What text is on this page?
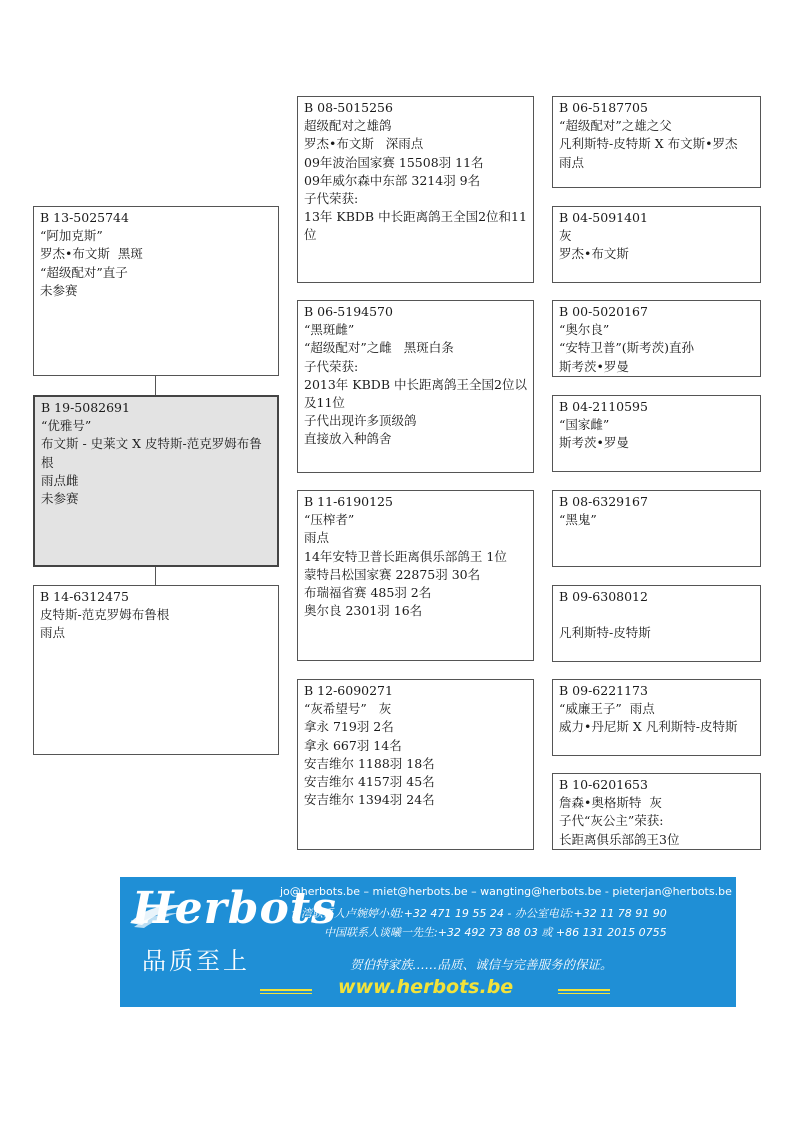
B 13-5025744
“阿加克斯”
罗杰•布文斯  黑斑
“超级配对”直子
未参赛
B 19-5082691
“优雅号”
布文斯 - 史莱文 X 皮特斯-范克罗姆布鲁根
雨点雌
未参赛
B 14-6312475
皮特斯-范克罗姆布鲁根
雨点
B 08-5015256
超级配对之雄鸽
罗杰•布文斯   深雨点
09年波治国家赛 15508羽 11名
09年威尔森中东部 3214羽 9名
子代荣获:
13年 KBDB 中长距离鸽王全国2位和11位
B 06-5194570
“黑斑雌”
“超级配对”之雌   黑斑白条
子代荣获:
2013年 KBDB 中长距离鸽王全国2位以及11位
子代出现许多顶级鸽
直接放入种鸽舍
B 11-6190125
“压榨者”
雨点
14年安特卫普长距离俱乐部鸽王 1位
蒙特吕松国家赛 22875羽 30名
布瑞福省赛 485羽 2名
奥尔良 2301羽 16名
B 12-6090271
“灰希望号”   灰
拿永 719羽 2名
拿永 667羽 14名
安吉维尔 1188羽 18名
安吉维尔 4157羽 45名
安吉维尔 1394羽 24名
B 06-5187705
“超级配对”之雄之父
凡利斯特-皮特斯 X 布文斯•罗杰
雨点
B 04-5091401
灰
罗杰•布文斯
B 00-5020167
“奥尔良”
“安特卫普”(斯考茨)直孙
斯考茨•罗曼
B 04-2110595
“国家雌”
斯考茨•罗曼
B 08-6329167
“黑鬼”
B 09-6308012

凡利斯特-皮特斯
B 09-6221173
“威廉王子”  雨点
威力•丹尼斯 X 凡利斯特-皮特斯
B 10-6201653
詹森•奥格斯特  灰
子代“灰公主”荣获:
长距离俱乐部鸽王3位
Herbots
品质至上
jo@herbots.be – miet@herbots.be – wangting@herbots.be - pieterjan@herbots.be
台湾联系人卢婉婷小姐:+32 471 19 55 24 - 办公室电话:+32 11 78 91 90
中国联系人谈曦一先生:+32 492 73 88 03 或 +86 131 2015 0755
贺伯特家族……品质、诚信与完善服务的保证。
www.herbots.be
